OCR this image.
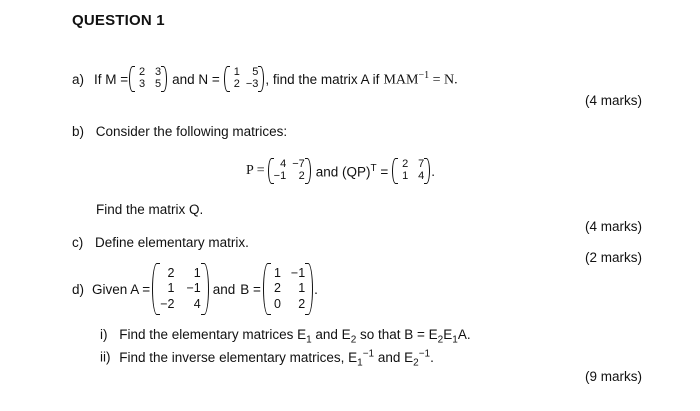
QUESTION 1
a) If M = 2 3
3 5 and N =	1	5
2 −3 , find the matrix A if $MAM^{-1} = N$.
(4 marks)
b) Consider the following matrices:
P =	4 −7
−1	2 and (QP)$^T$ =	2 7
1 4 .
Find the matrix Q.
(4 marks)
c) Define elementary matrix.
(2 marks)
d) Given A =
2	1
1 −1
−2	4
and B =
1 −1
2	1
0	2
.
i) Find the elementary matrices $E_1$ and $E_2$ so that $B = E_2E_1A$.
ii) Find the inverse elementary matrices, $E_1^{-1}$ and $E_2^{-1}$.
(9 marks)
